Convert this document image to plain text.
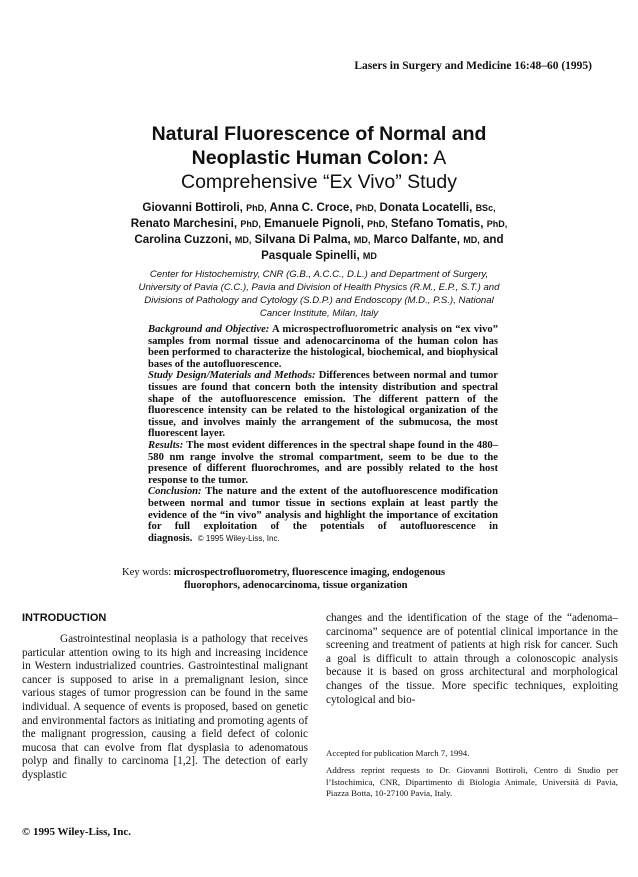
Lasers in Surgery and Medicine 16:48–60 (1995)
Natural Fluorescence of Normal and
Neoplastic Human Colon: A
Comprehensive “Ex Vivo” Study
Giovanni Bottiroli, PhD, Anna C. Croce, PhD, Donata Locatelli, BSc,
Renato Marchesini, PhD, Emanuele Pignoli, PhD, Stefano Tomatis, PhD,
Carolina Cuzzoni, MD, Silvana Di Palma, MD, Marco Dalfante, MD, and
Pasquale Spinelli, MD
Center for Histochemistry, CNR (G.B., A.C.C., D.L.) and Department of Surgery,
University of Pavia (C.C.), Pavia and Division of Health Physics (R.M., E.P., S.T.) and
Divisions of Pathology and Cytology (S.D.P.) and Endoscopy (M.D., P.S.), National
Cancer Institute, Milan, Italy

Background and Objective: A microspectrofluorometric analysis on “ex vivo” samples from normal tissue and adenocarcinoma of the human colon has been performed to characterize the histological, biochemical, and biophysical bases of the autofluorescence.

Study Design/Materials and Methods: Differences between normal and tumor tissues are found that concern both the intensity distribution and spectral shape of the autofluorescence emission. The different pattern of the fluorescence intensity can be related to the histological organization of the tissue, and involves mainly the arrangement of the submucosa, the most fluorescent layer.

Results: The most evident differences in the spectral shape found in the 480–580 nm range involve the stromal compartment, seem to be due to the presence of different fluorochromes, and are possibly related to the host response to the tumor.

Conclusion: The nature and the extent of the autofluorescence modification between normal and tumor tissue in sections explain at least partly the evidence of the “in vivo” analysis and highlight the importance of excitation for full exploitation of the potentials of autofluorescence in diagnosis. © 1995 Wiley-Liss, Inc.

Key words: microspectrofluorometry, fluorescence imaging, endogenous
fluorophors, adenocarcinoma, tissue organization
INTRODUCTION

Gastrointestinal neoplasia is a pathology that receives particular attention owing to its high and increasing incidence in Western industrialized countries. Gastrointestinal malignant cancer is supposed to arise in a premalignant lesion, since various stages of tumor progression can be found in the same individual. A sequence of events is proposed, based on genetic and environmental factors as initiating and promoting agents of the malignant progression, causing a field defect of colonic mucosa that can evolve from flat dysplasia to adenomatous polyp and finally to carcinoma [1,2]. The detection of early dysplastic

changes and the identification of the stage of the “adenoma–carcinoma” sequence are of potential clinical importance in the screening and treatment of patients at high risk for cancer. Such a goal is difficult to attain through a colonoscopic analysis because it is based on gross architectural and morphological changes of the tissue. More specific techniques, exploiting cytological and bio-

Accepted for publication March 7, 1994.

Address reprint requests to Dr. Giovanni Bottiroli, Centro di Studio per l’Istochimica, CNR, Dipartimento di Biologia Animale, Università di Pavia, Piazza Botta, 10-27100 Pavia, Italy.

© 1995 Wiley-Liss, Inc.
